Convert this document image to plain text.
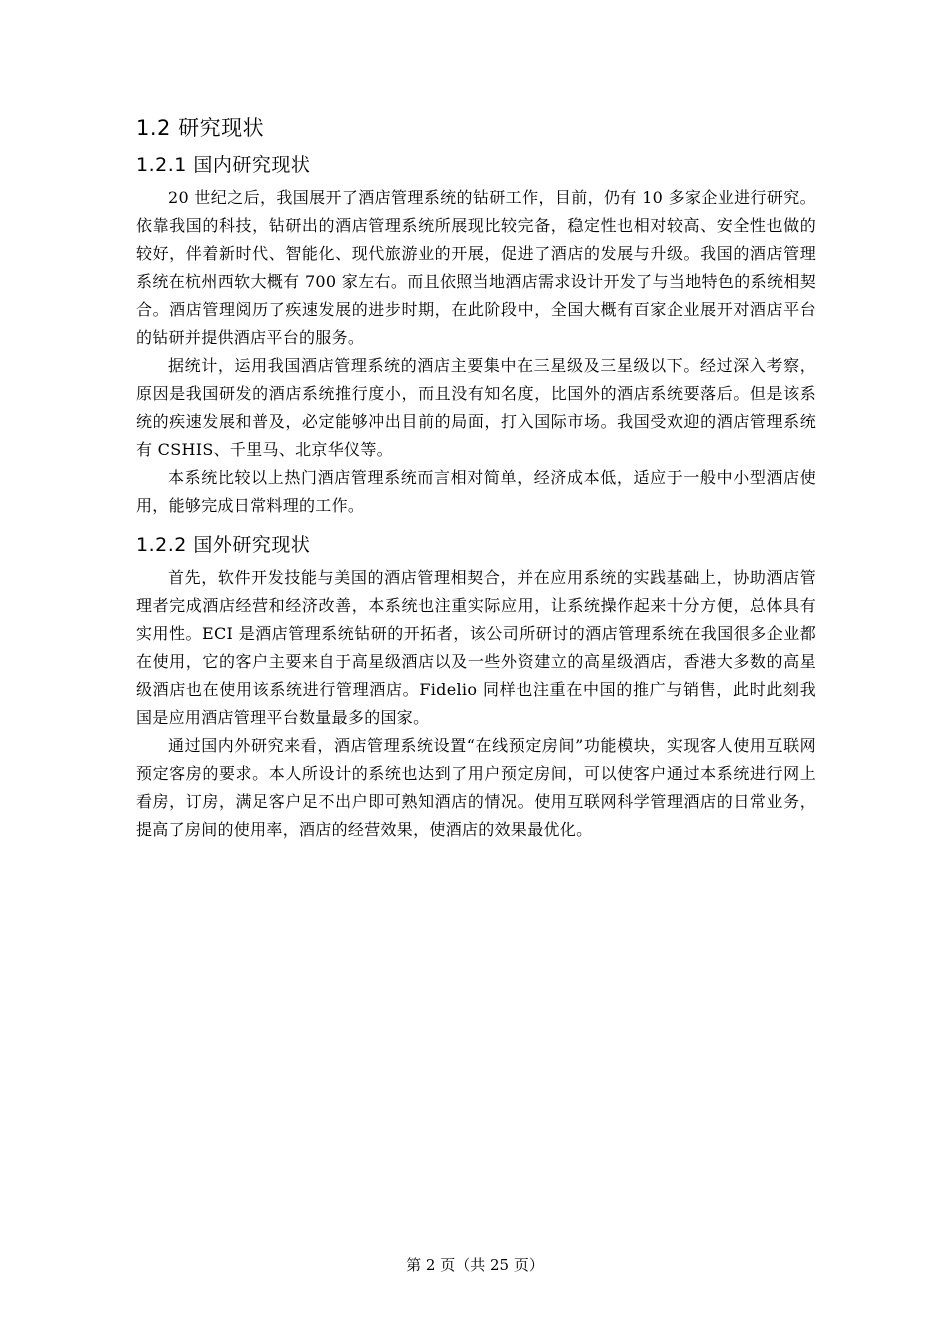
1.2 研究现状
1.2.1 国内研究现状

20 世纪之后，我国展开了酒店管理系统的钻研工作，目前，仍有 10 多家企业进行研究。依靠我国的科技，钻研出的酒店管理系统所展现比较完备，稳定性也相对较高、安全性也做的较好，伴着新时代、智能化、现代旅游业的开展，促进了酒店的发展与升级。我国的酒店管理系统在杭州西软大概有 700 家左右。而且依照当地酒店需求设计开发了与当地特色的系统相契合。酒店管理阅历了疾速发展的进步时期，在此阶段中，全国大概有百家企业展开对酒店平台的钻研并提供酒店平台的服务。

据统计，运用我国酒店管理系统的酒店主要集中在三星级及三星级以下。经过深入考察，原因是我国研发的酒店系统推行度小，而且没有知名度，比国外的酒店系统要落后。但是该系统的疾速发展和普及，必定能够冲出目前的局面，打入国际市场。我国受欢迎的酒店管理系统有 CSHIS、千里马、北京华仪等。

本系统比较以上热门酒店管理系统而言相对简单，经济成本低，适应于一般中小型酒店使用，能够完成日常料理的工作。

1.2.2 国外研究现状

首先，软件开发技能与美国的酒店管理相契合，并在应用系统的实践基础上，协助酒店管理者完成酒店经营和经济改善，本系统也注重实际应用，让系统操作起来十分方便，总体具有实用性。ECI 是酒店管理系统钻研的开拓者，该公司所研讨的酒店管理系统在我国很多企业都在使用，它的客户主要来自于高星级酒店以及一些外资建立的高星级酒店，香港大多数的高星级酒店也在使用该系统进行管理酒店。Fidelio 同样也注重在中国的推广与销售，此时此刻我国是应用酒店管理平台数量最多的国家。

通过国内外研究来看，酒店管理系统设置“在线预定房间”功能模块，实现客人使用互联网预定客房的要求。本人所设计的系统也达到了用户预定房间，可以使客户通过本系统进行网上看房，订房，满足客户足不出户即可熟知酒店的情况。使用互联网科学管理酒店的日常业务，提高了房间的使用率，酒店的经营效果，使酒店的效果最优化。

第 2 页（共 25 页）
